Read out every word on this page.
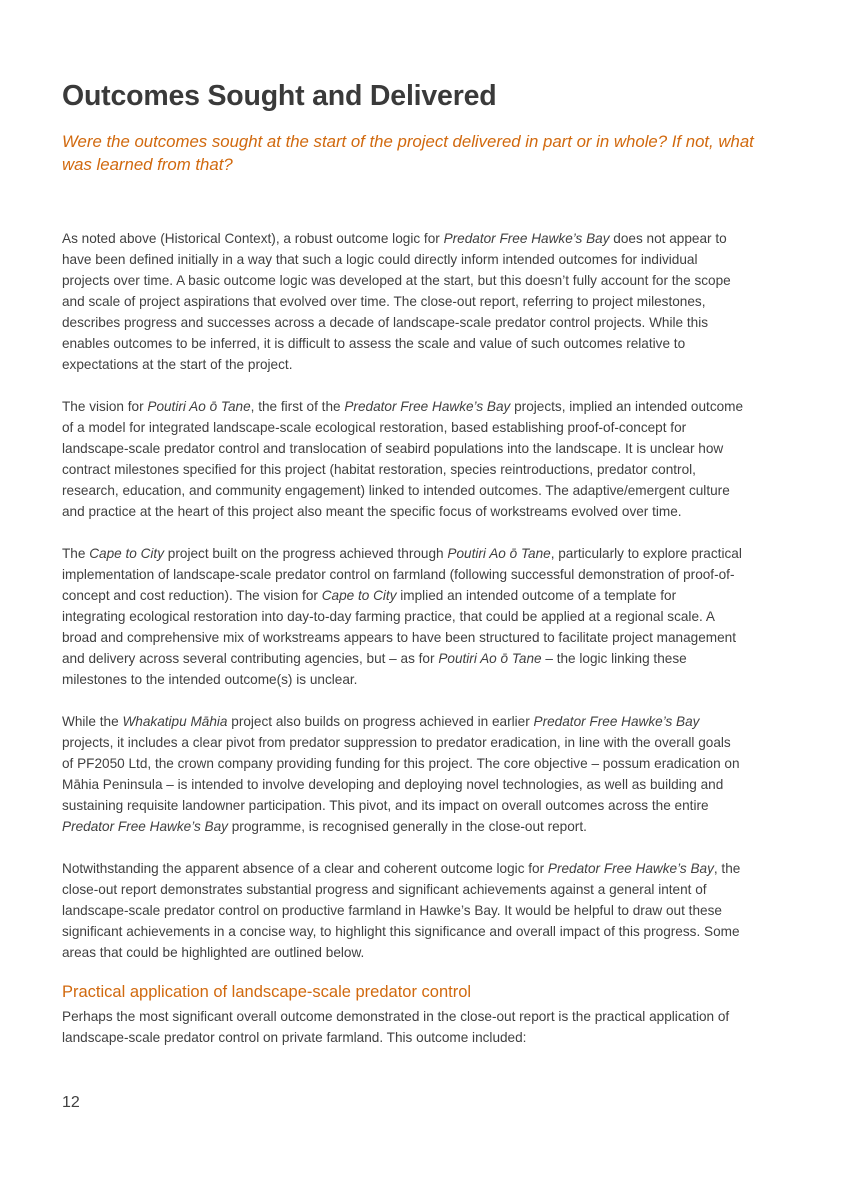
Outcomes Sought and Delivered

Were the outcomes sought at the start of the project delivered in part or in whole? If not, what was learned from that?

As noted above (Historical Context), a robust outcome logic for Predator Free Hawke’s Bay does not appear to
have been defined initially in a way that such a logic could directly inform intended outcomes for individual
projects over time. A basic outcome logic was developed at the start, but this doesn’t fully account for the scope
and scale of project aspirations that evolved over time. The close-out report, referring to project milestones,
describes progress and successes across a decade of landscape-scale predator control projects. While this
enables outcomes to be inferred, it is difficult to assess the scale and value of such outcomes relative to
expectations at the start of the project.

The vision for Poutiri Ao ō Tane, the first of the Predator Free Hawke’s Bay projects, implied an intended outcome
of a model for integrated landscape-scale ecological restoration, based establishing proof-of-concept for
landscape-scale predator control and translocation of seabird populations into the landscape. It is unclear how
contract milestones specified for this project (habitat restoration, species reintroductions, predator control,
research, education, and community engagement) linked to intended outcomes. The adaptive/emergent culture
and practice at the heart of this project also meant the specific focus of workstreams evolved over time.

The Cape to City project built on the progress achieved through Poutiri Ao ō Tane, particularly to explore practical
implementation of landscape-scale predator control on farmland (following successful demonstration of proof-of-
concept and cost reduction). The vision for Cape to City implied an intended outcome of a template for
integrating ecological restoration into day-to-day farming practice, that could be applied at a regional scale. A
broad and comprehensive mix of workstreams appears to have been structured to facilitate project management
and delivery across several contributing agencies, but – as for Poutiri Ao ō Tane – the logic linking these
milestones to the intended outcome(s) is unclear.

While the Whakatipu Māhia project also builds on progress achieved in earlier Predator Free Hawke’s Bay
projects, it includes a clear pivot from predator suppression to predator eradication, in line with the overall goals
of PF2050 Ltd, the crown company providing funding for this project. The core objective – possum eradication on
Māhia Peninsula – is intended to involve developing and deploying novel technologies, as well as building and
sustaining requisite landowner participation. This pivot, and its impact on overall outcomes across the entire
Predator Free Hawke’s Bay programme, is recognised generally in the close-out report.

Notwithstanding the apparent absence of a clear and coherent outcome logic for Predator Free Hawke’s Bay, the
close-out report demonstrates substantial progress and significant achievements against a general intent of
landscape-scale predator control on productive farmland in Hawke’s Bay. It would be helpful to draw out these
significant achievements in a concise way, to highlight this significance and overall impact of this progress. Some
areas that could be highlighted are outlined below.

Practical application of landscape-scale predator control

Perhaps the most significant overall outcome demonstrated in the close-out report is the practical application of
landscape-scale predator control on private farmland. This outcome included:

12
